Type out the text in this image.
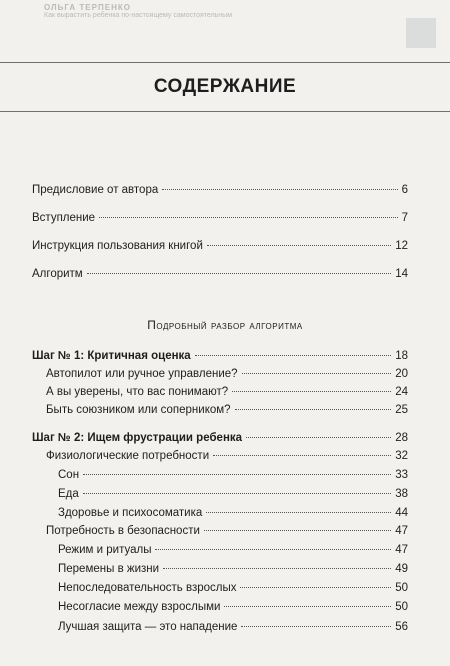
ОЛЬГА ТЕРПЕНКО
Как вырастить ребенка по-настоящему самостоятельным
СОДЕРЖАНИЕ
Предисловие от автора	6
Вступление	7
Инструкция пользования книгой	12
Алгоритм	14
Подробный разбор алгоритма
Шаг № 1: Критичная оценка	18
Автопилот или ручное управление?	20
А вы уверены, что вас понимают?	24
Быть союзником или соперником?	25
Шаг № 2: Ищем фрустрации ребенка	28
Физиологические потребности	32
Сон	33
Еда	38
Здоровье и психосоматика	44
Потребность в безопасности	47
Режим и ритуалы	47
Перемены в жизни	49
Непоследовательность взрослых	50
Несогласие между взрослыми	50
Лучшая защита — это нападение	56
